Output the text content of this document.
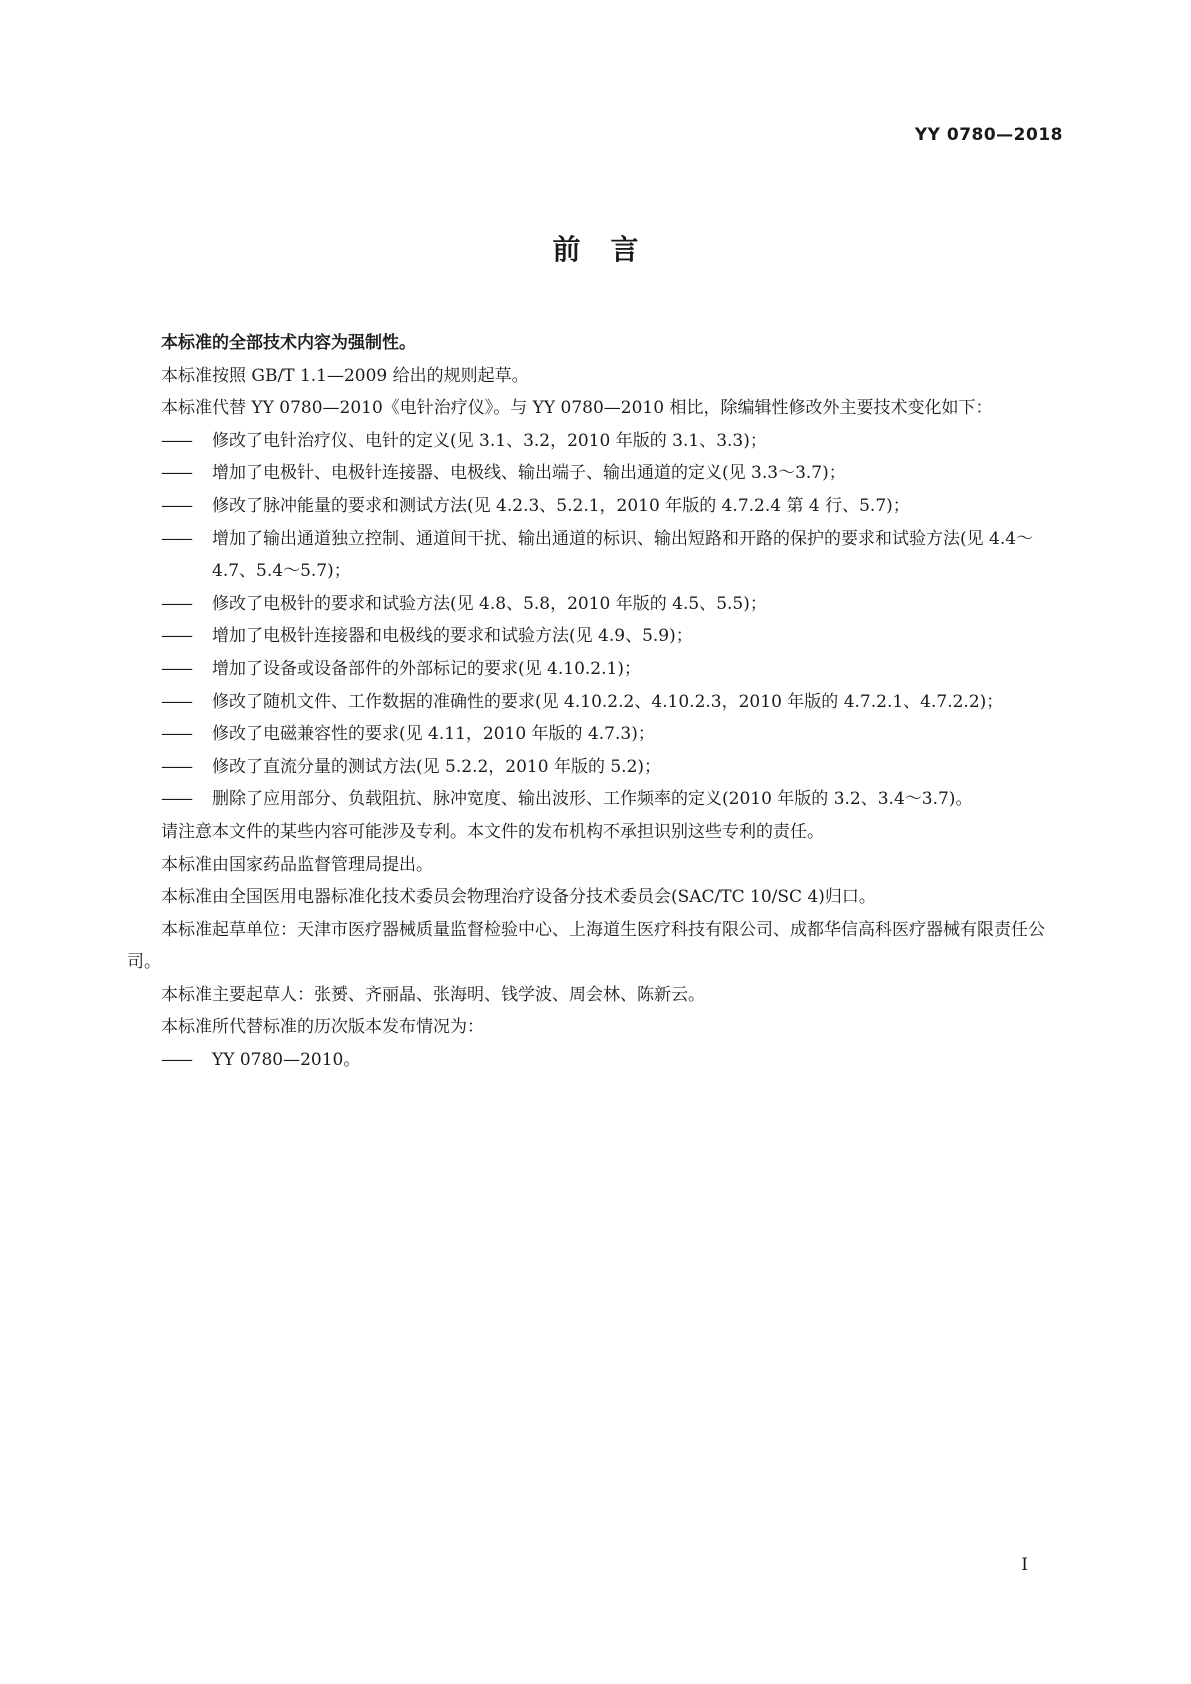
YY 0780—2018
前言

本标准的全部技术内容为强制性。

本标准按照 GB/T 1.1—2009 给出的规则起草。

本标准代替 YY 0780—2010《电针治疗仪》。与 YY 0780—2010 相比，除编辑性修改外主要技术变化如下：

—— 修改了电针治疗仪、电针的定义(见 3.1、3.2，2010 年版的 3.1、3.3)；

—— 增加了电极针、电极针连接器、电极线、输出端子、输出通道的定义(见 3.3～3.7)；

—— 修改了脉冲能量的要求和测试方法(见 4.2.3、5.2.1，2010 年版的 4.7.2.4 第 4 行、5.7)；

—— 增加了输出通道独立控制、通道间干扰、输出通道的标识、输出短路和开路的保护的要求和试验方法(见 4.4～4.7、5.4～5.7)；

—— 修改了电极针的要求和试验方法(见 4.8、5.8，2010 年版的 4.5、5.5)；

—— 增加了电极针连接器和电极线的要求和试验方法(见 4.9、5.9)；

—— 增加了设备或设备部件的外部标记的要求(见 4.10.2.1)；

—— 修改了随机文件、工作数据的准确性的要求(见 4.10.2.2、4.10.2.3，2010 年版的 4.7.2.1、4.7.2.2)；

—— 修改了电磁兼容性的要求(见 4.11，2010 年版的 4.7.3)；

—— 修改了直流分量的测试方法(见 5.2.2，2010 年版的 5.2)；

—— 删除了应用部分、负载阻抗、脉冲宽度、输出波形、工作频率的定义(2010 年版的 3.2、3.4～3.7)。

请注意本文件的某些内容可能涉及专利。本文件的发布机构不承担识别这些专利的责任。

本标准由国家药品监督管理局提出。

本标准由全国医用电器标准化技术委员会物理治疗设备分技术委员会(SAC/TC 10/SC 4)归口。

本标准起草单位：天津市医疗器械质量监督检验中心、上海道生医疗科技有限公司、成都华信高科医疗器械有限责任公司。

本标准主要起草人：张赟、齐丽晶、张海明、钱学波、周会林、陈新云。

本标准所代替标准的历次版本发布情况为：

—— YY 0780—2010。

I
